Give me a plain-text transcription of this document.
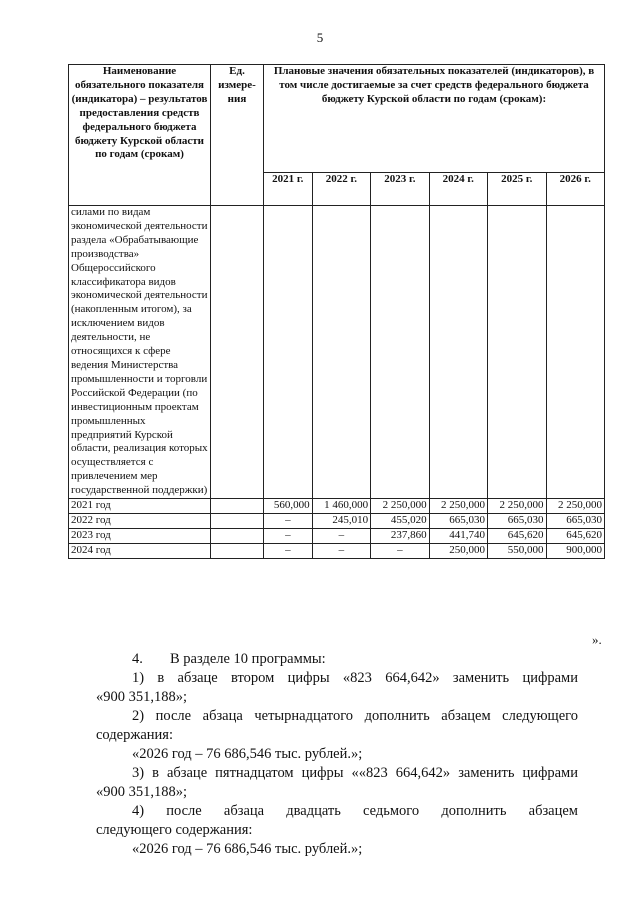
5
Наименование обязательного показателя (индикатора) – результатов предоставления средств федерального бюджета бюджету Курской области по годам (срокам)	Ед. измере-ния	Плановые значения обязательных показателей (индикаторов), в том числе достигаемые за счет средств федерального бюджета бюджету Курской области по годам (срокам):					
		2021 г.	2022 г.	2023 г.	2024 г.	2025 г.	2026 г.
силами по видам экономической деятельности раздела «Обрабатывающие производства» Общероссийского классификатора видов экономической деятельности (накопленным итогом), за исключением видов деятельности, не относящихся к сфере ведения Министерства промышленности и торговли Российской Федерации (по инвестиционным проектам промышленных предприятий Курской области, реализация которых осуществляется с привлечением мер государственной поддержки)							
2021 год		560,000	1 460,000	2 250,000	2 250,000	2 250,000	2 250,000
2022 год		–	245,010	455,020	665,030	665,030	665,030
2023 год		–	–	237,860	441,740	645,620	645,620
2024 год		–	–	–	250,000	550,000	900,000
».
4. В разделе 10 программы:
1) в абзаце втором цифры «823 664,642» заменить цифрами
«900 351,188»;
2) после абзаца четырнадцатого дополнить абзацем следующего
содержания:
«2026 год – 76 686,546 тыс. рублей.»;
3) в абзаце пятнадцатом цифры ««823 664,642» заменить цифрами
«900 351,188»;
4) после абзаца двадцать седьмого дополнить абзацем
следующего содержания:
«2026 год – 76 686,546 тыс. рублей.»;
